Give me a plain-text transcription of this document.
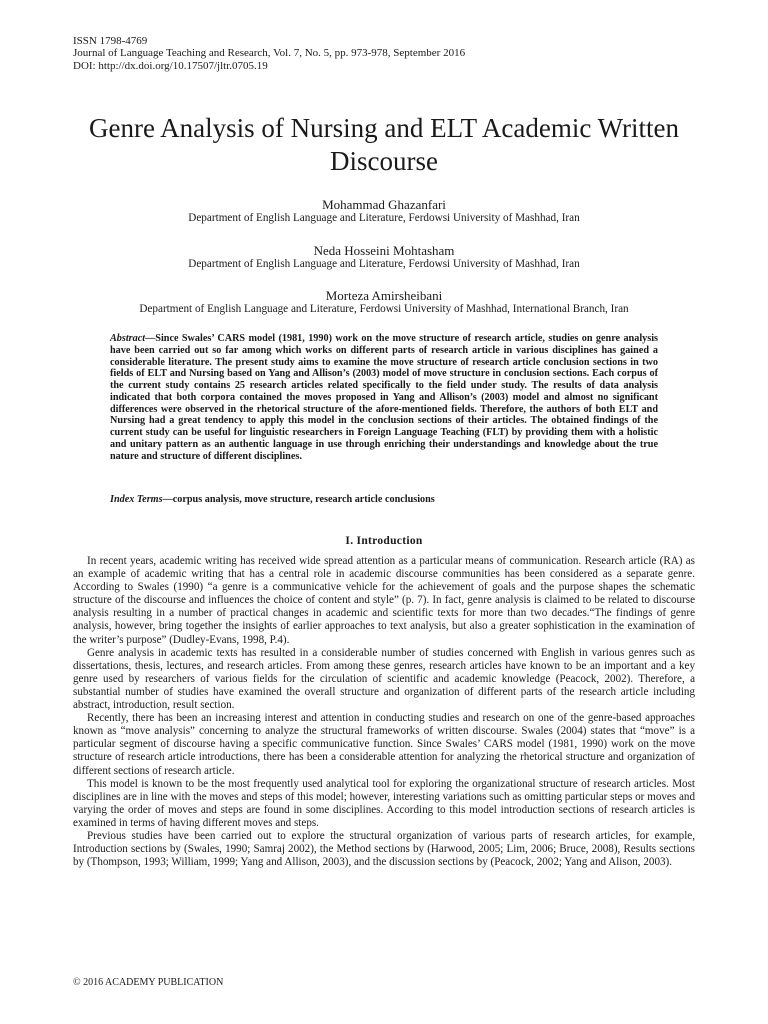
ISSN 1798-4769
Journal of Language Teaching and Research, Vol. 7, No. 5, pp. 973-978, September 2016
DOI: http://dx.doi.org/10.17507/jltr.0705.19
Genre Analysis of Nursing and ELT Academic Written Discourse
Mohammad Ghazanfari
Department of English Language and Literature, Ferdowsi University of Mashhad, Iran
Neda Hosseini Mohtasham
Department of English Language and Literature, Ferdowsi University of Mashhad, Iran
Morteza Amirsheibani
Department of English Language and Literature, Ferdowsi University of Mashhad, International Branch, Iran

Abstract—Since Swales’ CARS model (1981, 1990) work on the move structure of research article, studies on genre analysis have been carried out so far among which works on different parts of research article in various disciplines has gained a considerable literature. The present study aims to examine the move structure of research article conclusion sections in two fields of ELT and Nursing based on Yang and Allison’s (2003) model of move structure in conclusion sections. Each corpus of the current study contains 25 research articles related specifically to the field under study. The results of data analysis indicated that both corpora contained the moves proposed in Yang and Allison’s (2003) model and almost no significant differences were observed in the rhetorical structure of the afore-mentioned fields. Therefore, the authors of both ELT and Nursing had a great tendency to apply this model in the conclusion sections of their articles. The obtained findings of the current study can be useful for linguistic researchers in Foreign Language Teaching (FLT) by providing them with a holistic and unitary pattern as an authentic language in use through enriching their understandings and knowledge about the true nature and structure of different disciplines.

Index Terms—corpus analysis, move structure, research article conclusions

I. Introduction

In recent years, academic writing has received wide spread attention as a particular means of communication. Research article (RA) as an example of academic writing that has a central role in academic discourse communities has been considered as a separate genre. According to Swales (1990) “a genre is a communicative vehicle for the achievement of goals and the purpose shapes the schematic structure of the discourse and influences the choice of content and style” (p. 7). In fact, genre analysis is claimed to be related to discourse analysis resulting in a number of practical changes in academic and scientific texts for more than two decades.“The findings of genre analysis, however, bring together the insights of earlier approaches to text analysis, but also a greater sophistication in the examination of the writer’s purpose” (Dudley-Evans, 1998, P.4).

Genre analysis in academic texts has resulted in a considerable number of studies concerned with English in various genres such as dissertations, thesis, lectures, and research articles. From among these genres, research articles have known to be an important and a key genre used by researchers of various fields for the circulation of scientific and academic knowledge (Peacock, 2002). Therefore, a substantial number of studies have examined the overall structure and organization of different parts of the research article including abstract, introduction, result section.

Recently, there has been an increasing interest and attention in conducting studies and research on one of the genre-based approaches known as “move analysis” concerning to analyze the structural frameworks of written discourse. Swales (2004) states that “move” is a particular segment of discourse having a specific communicative function. Since Swales’ CARS model (1981, 1990) work on the move structure of research article introductions, there has been a considerable attention for analyzing the rhetorical structure and organization of different sections of research article.

This model is known to be the most frequently used analytical tool for exploring the organizational structure of research articles. Most disciplines are in line with the moves and steps of this model; however, interesting variations such as omitting particular steps or moves and varying the order of moves and steps are found in some disciplines. According to this model introduction sections of research articles is examined in terms of having different moves and steps.

Previous studies have been carried out to explore the structural organization of various parts of research articles, for example, Introduction sections by (Swales, 1990; Samraj 2002), the Method sections by (Harwood, 2005; Lim, 2006; Bruce, 2008), Results sections by (Thompson, 1993; William, 1999; Yang and Allison, 2003), and the discussion sections by (Peacock, 2002; Yang and Alison, 2003).

© 2016 ACADEMY PUBLICATION
